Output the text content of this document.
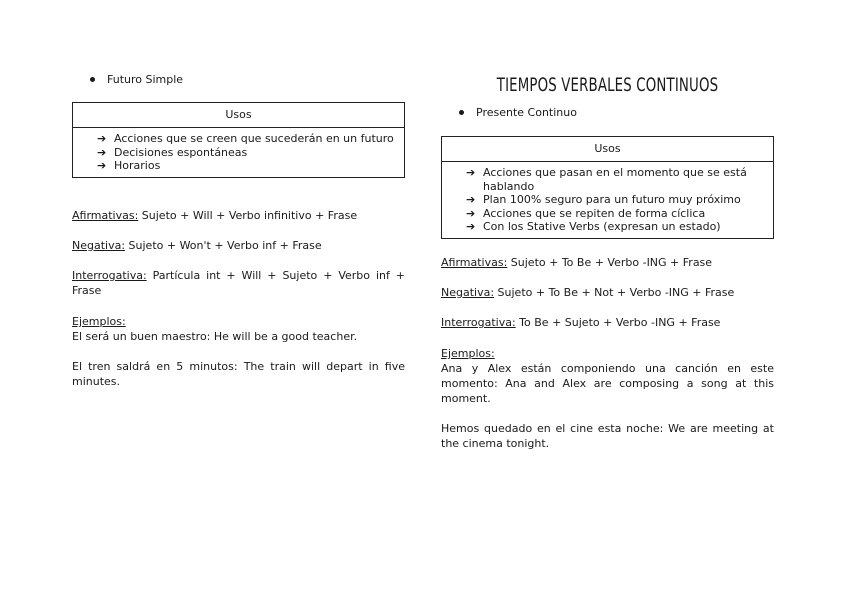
Futuro Simple
Usos
➔ Acciones que se creen que sucederán en un futuro
➔ Decisiones espontáneas
➔ Horarios
Afirmativas: Sujeto + Will + Verbo infinitivo + Frase
Negativa: Sujeto + Won't + Verbo inf + Frase
Interrogativa: Partícula int + Will + Sujeto + Verbo inf + Frase
Ejemplos:
El será un buen maestro: He will be a good teacher.
El tren saldrá en 5 minutos: The train will depart in five minutes.
TIEMPOS VERBALES CONTINUOS
Presente Continuo
Usos
➔ Acciones que pasan en el momento que se está hablando
➔ Plan 100% seguro para un futuro muy próximo
➔ Acciones que se repiten de forma cíclica
➔ Con los Stative Verbs (expresan un estado)
Afirmativas: Sujeto + To Be + Verbo -ING + Frase
Negativa: Sujeto + To Be + Not + Verbo -ING + Frase
Interrogativa: To Be + Sujeto + Verbo -ING + Frase
Ejemplos:
Ana y Alex están componiendo una canción en este momento: Ana and Alex are composing a song at this moment.
Hemos quedado en el cine esta noche: We are meeting at the cinema tonight.
